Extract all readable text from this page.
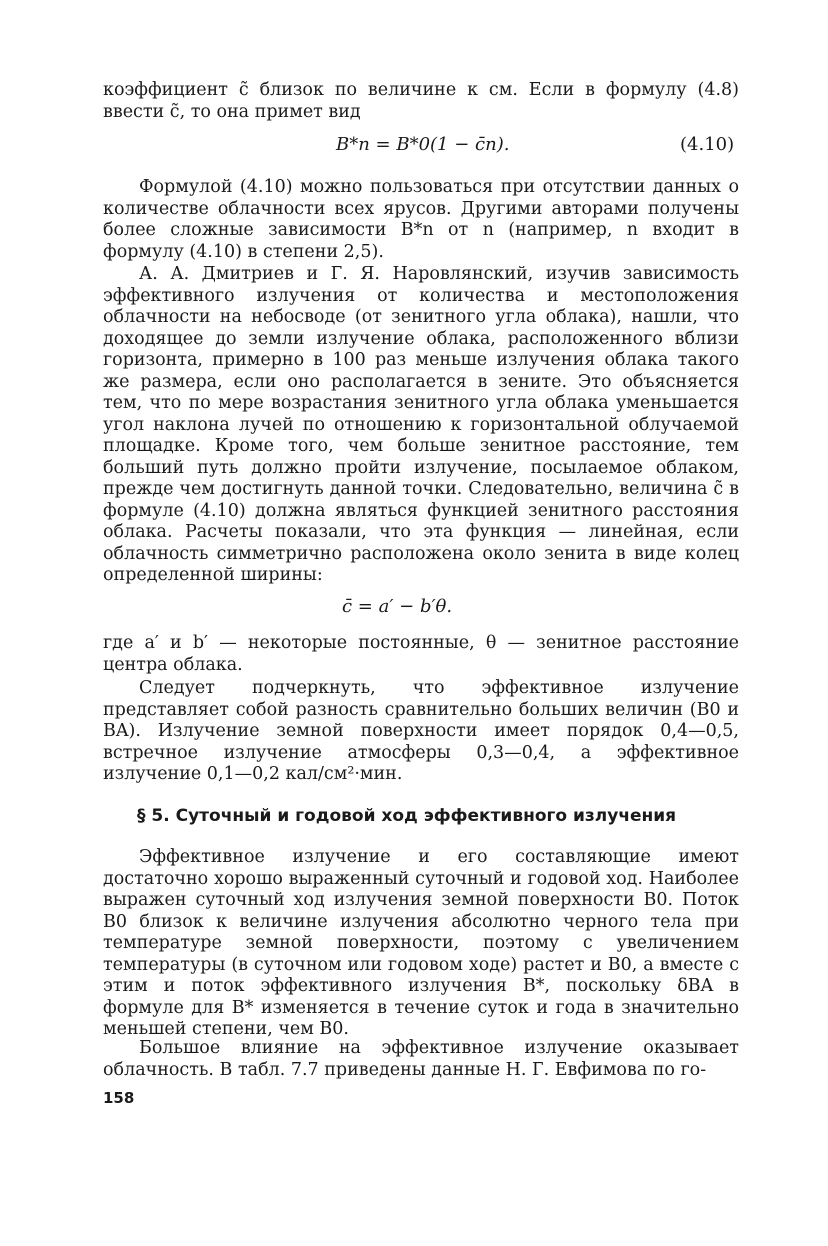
коэффициент c̃ близок по величине к cм. Если в формулу (4.8) ввести c̃, то она примет вид

B*n = B*0(1 − c̄n).	(4.10)

Формулой (4.10) можно пользоваться при отсутствии данных о количестве облачности всех ярусов. Другими авторами получены более сложные зависимости B*n от n (например, n входит в формулу (4.10) в степени 2,5).

А. А. Дмитриев и Г. Я. Наровлянский, изучив зависимость эффективного излучения от количества и местоположения облачности на небосводе (от зенитного угла облака), нашли, что доходящее до земли излучение облака, расположенного вблизи горизонта, примерно в 100 раз меньше излучения облака такого же размера, если оно располагается в зените. Это объясняется тем, что по мере возрастания зенитного угла облака уменьшается угол наклона лучей по отношению к горизонтальной облучаемой площадке. Кроме того, чем больше зенитное расстояние, тем больший путь должно пройти излучение, посылаемое облаком, прежде чем достигнуть данной точки. Следовательно, величина c̃ в формуле (4.10) должна являться функцией зенитного расстояния облака. Расчеты показали, что эта функция — линейная, если облачность симметрично расположена около зенита в виде колец определенной ширины:

c̄ = a′ − b′θ.

где a′ и b′ — некоторые постоянные, θ — зенитное расстояние центра облака.

Следует подчеркнуть, что эффективное излучение представляет собой разность сравнительно больших величин (B0 и BA). Излучение земной поверхности имеет порядок 0,4—0,5, встречное излучение атмосферы 0,3—0,4, а эффективное излучение 0,1—0,2 кал/см²·мин.

§ 5. Суточный и годовой ход эффективного излучения

Эффективное излучение и его составляющие имеют достаточно хорошо выраженный суточный и годовой ход. Наиболее выражен суточный ход излучения земной поверхности B0. Поток B0 близок к величине излучения абсолютно черного тела при температуре земной поверхности, поэтому с увеличением температуры (в суточном или годовом ходе) растет и B0, а вместе с этим и поток эффективного излучения B*, поскольку δBA в формуле для B* изменяется в течение суток и года в значительно меньшей степени, чем B0.

Большое влияние на эффективное излучение оказывает облачность. В табл. 7.7 приведены данные Н. Г. Евфимова по го-

158
